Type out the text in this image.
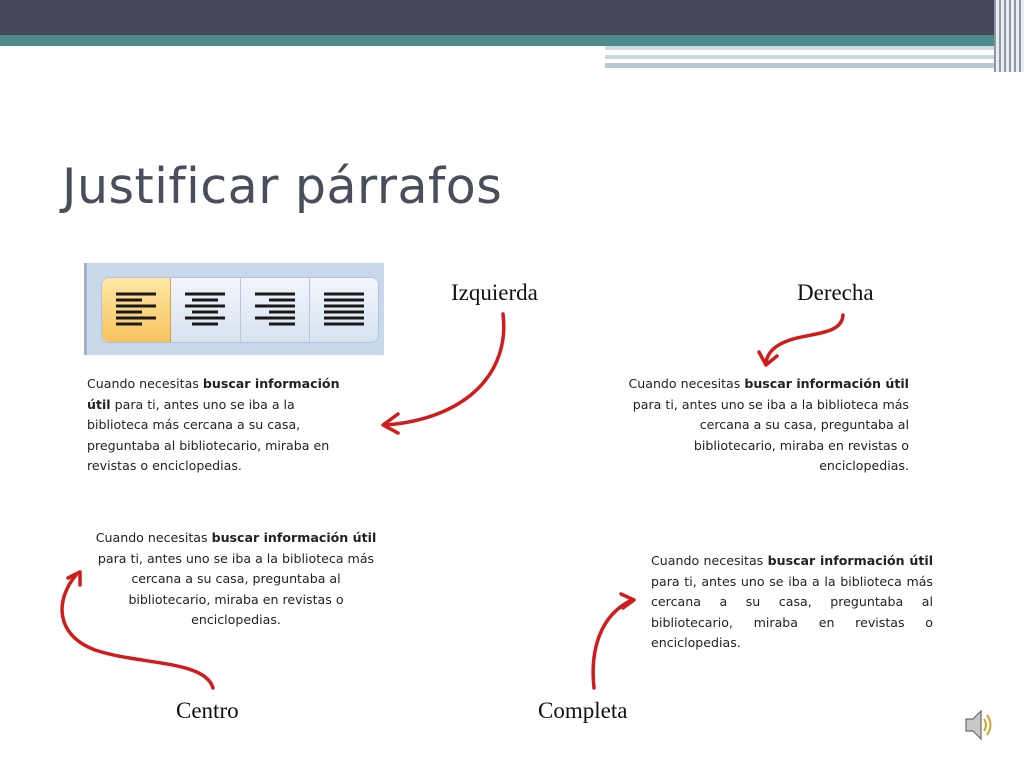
Justificar párrafos
Izquierda	Derecha
Centro	Completa

Cuando necesitas buscar información útil para ti, antes uno se iba a la biblioteca más cercana a su casa, preguntaba al bibliotecario, miraba en revistas o enciclopedias.

Cuando necesitas buscar información útil para ti, antes uno se iba a la biblioteca más cercana a su casa, preguntaba al bibliotecario, miraba en revistas o enciclopedias.

Cuando necesitas buscar información útil para ti, antes uno se iba a la biblioteca más cercana a su casa, preguntaba al bibliotecario, miraba en revistas o enciclopedias.

Cuando necesitas buscar información útil para ti, antes uno se iba a la biblioteca más cercana a su casa, preguntaba al bibliotecario, miraba en revistas o enciclopedias.
